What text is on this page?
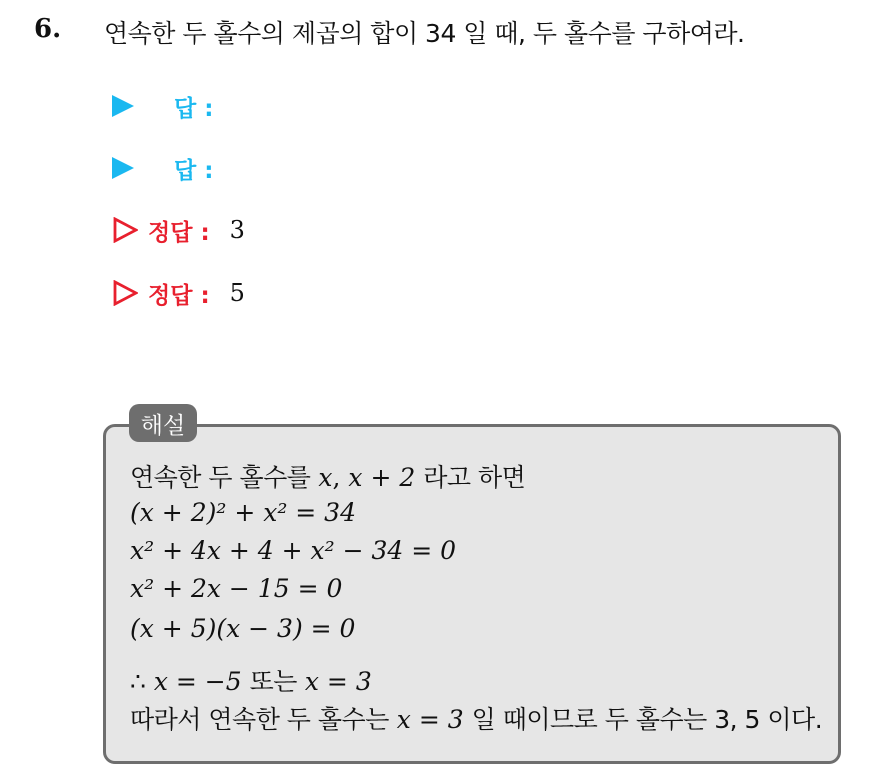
6. 연속한 두 홀수의 제곱의 합이 34 일 때, 두 홀수를 구하여라.
답 :
답 :
정답 : 3
정답 : 5
해설
연속한 두 홀수를 x, x + 2 라고 하면
(x + 2)² + x² = 34
x² + 4x + 4 + x² − 34 = 0
x² + 2x − 15 = 0
(x + 5)(x − 3) = 0
∴ x = −5 또는 x = 3
따라서 연속한 두 홀수는 x = 3 일 때이므로 두 홀수는 3, 5 이다.
